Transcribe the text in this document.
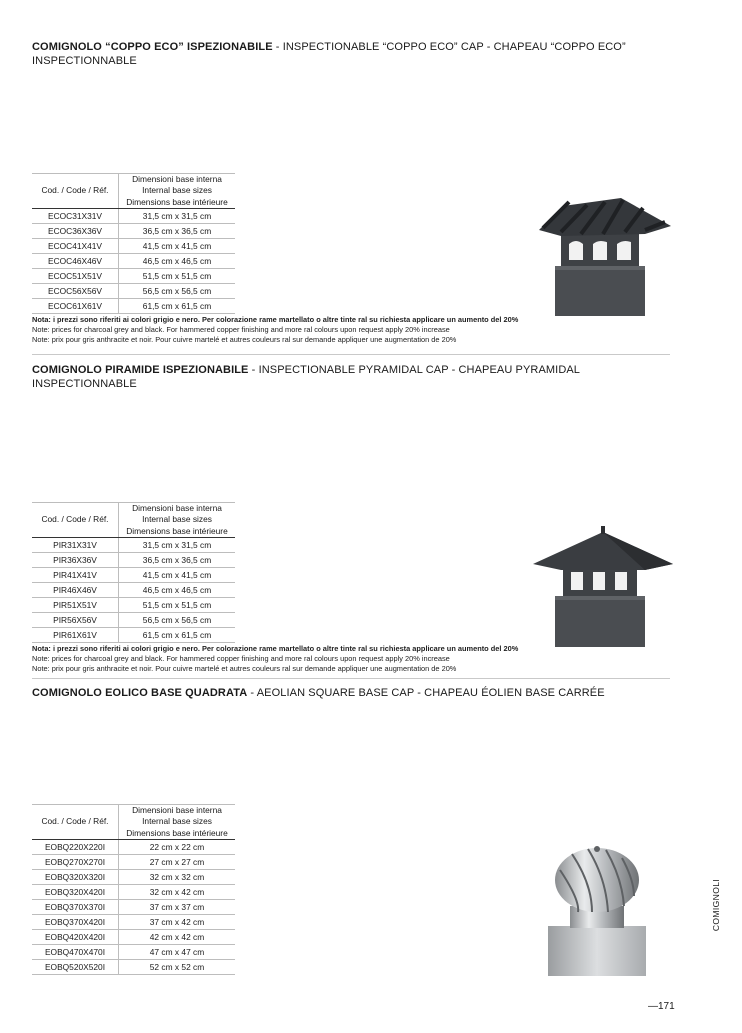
COMIGNOLO “COPPO ECO” ISPEZIONABILE - INSPECTIONABLE “COPPO ECO” CAP - CHAPEAU “COPPO ECO” INSPECTIONNABLE
Cod. / Code / Réf.	Dimensioni base interna
Internal base sizes
Dimensions base intérieure

ECOC31X31V	31,5 cm x 31,5 cm
ECOC36X36V	36,5 cm x 36,5 cm
ECOC41X41V	41,5 cm x 41,5 cm
ECOC46X46V	46,5 cm x 46,5 cm
ECOC51X51V	51,5 cm x 51,5 cm
ECOC56X56V	56,5 cm x 56,5 cm
ECOC61X61V	61,5 cm x 61,5 cm
Nota: i prezzi sono riferiti ai colori grigio e nero. Per colorazione rame martellato o altre tinte ral su richiesta applicare un aumento del 20%
Note: prices for charcoal grey and black. For hammered copper finishing and more ral colours upon request apply 20% increase
Note: prix pour gris anthracite et noir. Pour cuivre martelé et autres couleurs ral sur demande appliquer une augmentation de 20%
COMIGNOLO PIRAMIDE ISPEZIONABILE - INSPECTIONABLE PYRAMIDAL CAP - CHAPEAU PYRAMIDAL INSPECTIONNABLE
Cod. / Code / Réf.	Dimensioni base interna
Internal base sizes
Dimensions base intérieure

PIR31X31V	31,5 cm x 31,5 cm
PIR36X36V	36,5 cm x 36,5 cm
PIR41X41V	41,5 cm x 41,5 cm
PIR46X46V	46,5 cm x 46,5 cm
PIR51X51V	51,5 cm x 51,5 cm
PIR56X56V	56,5 cm x 56,5 cm
PIR61X61V	61,5 cm x 61,5 cm
Nota: i prezzi sono riferiti ai colori grigio e nero. Per colorazione rame martellato o altre tinte ral su richiesta applicare un aumento del 20%
Note: prices for charcoal grey and black. For hammered copper finishing and more ral colours upon request apply 20% increase
Note: prix pour gris anthracite et noir. Pour cuivre martelé et autres couleurs ral sur demande appliquer une augmentation de 20%
COMIGNOLO EOLICO BASE QUADRATA - AEOLIAN SQUARE BASE CAP - CHAPEAU ÉOLIEN BASE CARRÉE
Cod. / Code / Réf.	Dimensioni base interna
Internal base sizes
Dimensions base intérieure

EOBQ220X220I	22 cm x 22 cm
EOBQ270X270I	27 cm x 27 cm
EOBQ320X320I	32 cm x 32 cm
EOBQ320X420I	32 cm x 42 cm
EOBQ370X370I	37 cm x 37 cm
EOBQ370X420I	37 cm x 42 cm
EOBQ420X420I	42 cm x 42 cm
EOBQ470X470I	47 cm x 47 cm
EOBQ520X520I	52 cm x 52 cm
COMIGNOLI
—171
